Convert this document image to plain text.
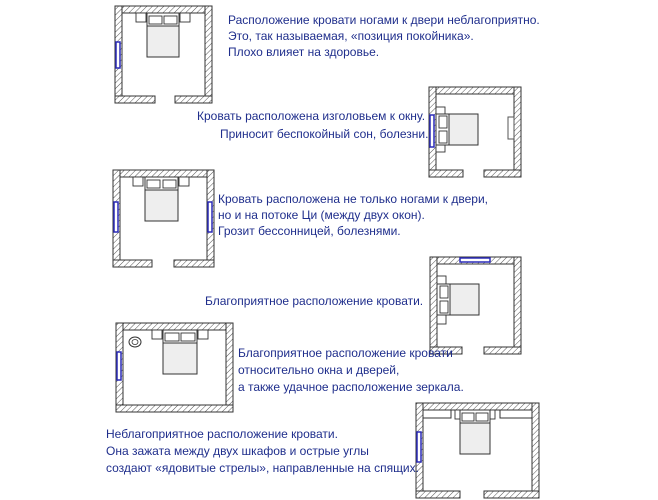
Расположение кровати ногами к двери неблагоприятно.
Это, так называемая, «позиция покойника».
Плохо влияет на здоровье.

Кровать расположена изголовьем к окну.
Приносит беспокойный сон, болезни.

Кровать расположена не только ногами к двери,
но и на потоке Ци (между двух окон).
Грозит бессонницей, болезнями.

Благоприятное расположение кровати.

Благоприятное расположение кровати
относительно окна и дверей,
а также удачное расположение зеркала.

Неблагоприятное расположение кровати.
Она зажата между двух шкафов и острые углы
создают «ядовитые стрелы», направленные на спящих.
